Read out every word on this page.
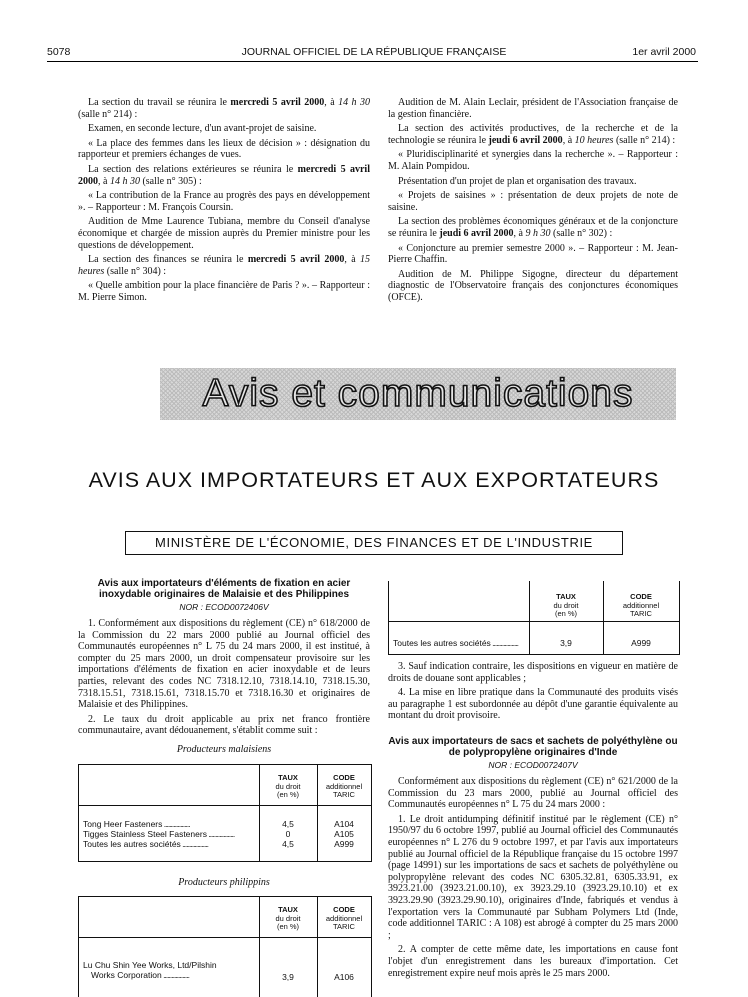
5078	JOURNAL OFFICIEL DE LA RÉPUBLIQUE FRANÇAISE	1er avril 2000

La section du travail se réunira le mercredi 5 avril 2000, à 14 h 30 (salle n° 214) :

Examen, en seconde lecture, d'un avant-projet de saisine.

« La place des femmes dans les lieux de décision » : désignation du rapporteur et premiers échanges de vues.

La section des relations extérieures se réunira le mercredi 5 avril 2000, à 14 h 30 (salle n° 305) :

« La contribution de la France au progrès des pays en développement ». – Rapporteur : M. François Coursin.

Audition de Mme Laurence Tubiana, membre du Conseil d'analyse économique et chargée de mission auprès du Premier ministre pour les questions de développement.

La section des finances se réunira le mercredi 5 avril 2000, à 15 heures (salle n° 304) :

« Quelle ambition pour la place financière de Paris ? ». – Rapporteur : M. Pierre Simon.

Audition de M. Alain Leclair, président de l'Association française de la gestion financière.

La section des activités productives, de la recherche et de la technologie se réunira le jeudi 6 avril 2000, à 10 heures (salle n° 214) :

« Pluridisciplinarité et synergies dans la recherche ». – Rapporteur : M. Alain Pompidou.

Présentation d'un projet de plan et organisation des travaux.

« Projets de saisines » : présentation de deux projets de note de saisine.

La section des problèmes économiques généraux et de la conjoncture se réunira le jeudi 6 avril 2000, à 9 h 30 (salle n° 302) :

« Conjoncture au premier semestre 2000 ». – Rapporteur : M. Jean-Pierre Chaffin.

Audition de M. Philippe Sigogne, directeur du département diagnostic de l'Observatoire français des conjonctures économiques (OFCE).

Avis et communications
AVIS AUX IMPORTATEURS ET AUX EXPORTATEURS
MINISTÈRE DE L'ÉCONOMIE, DES FINANCES ET DE L'INDUSTRIE
Avis aux importateurs d'éléments de fixation en acier inoxydable originaires de Malaisie et des Philippines
NOR : ECOD0072406V

1. Conformément aux dispositions du règlement (CE) n° 618/2000 de la Commission du 22 mars 2000 publié au Journal officiel des Communautés européennes n° L 75 du 24 mars 2000, il est institué, à compter du 25 mars 2000, un droit compensateur provisoire sur les importations d'éléments de fixation en acier inoxydable et de leurs parties, relevant des codes NC 7318.12.10, 7318.14.10, 7318.15.30, 7318.15.51, 7318.15.61, 7318.15.70 et 7318.16.30 et originaires de Malaisie et des Philippines.

2. Le taux du droit applicable au prix net franco frontière communautaire, avant dédouanement, s'établit comme suit :

Producteurs malaisiens
TAUX
du droit
(en %)
CODE
additionnel
TARIC
Tong Heer Fasteners .....	4,5	A104
Tigges Stainless Steel Fasteners .....	0	A105
Toutes les autres sociétés .....	4,5	A999
Producteurs philippins
TAUX
du droit
(en %)
CODE
additionnel
TARIC
Lu Chu Shin Yee Works, Ltd/Pilshin
Works Corporation .....	3,9	A106
TAUX
du droit
(en %)
CODE
additionnel
TARIC
Toutes les autres sociétés .....	3,9	A999

3. Sauf indication contraire, les dispositions en vigueur en matière de droits de douane sont applicables ;

4. La mise en libre pratique dans la Communauté des produits visés au paragraphe 1 est subordonnée au dépôt d'une garantie équivalente au montant du droit provisoire.

Avis aux importateurs de sacs et sachets de polyéthylène ou de polypropylène originaires d'Inde
NOR : ECOD0072407V

Conformément aux dispositions du règlement (CE) n° 621/2000 de la Commission du 23 mars 2000, publié au Journal officiel des Communautés européennes n° L 75 du 24 mars 2000 :

1. Le droit antidumping définitif institué par le règlement (CE) n° 1950/97 du 6 octobre 1997, publié au Journal officiel des Communautés européennes n° L 276 du 9 octobre 1997, et par l'avis aux importateurs publié au Journal officiel de la République française du 15 octobre 1997 (page 14991) sur les importations de sacs et sachets de polyéthylène ou polypropylène relevant des codes NC 6305.32.81, 6305.33.91, ex 3923.21.00 (3923.21.00.10), ex 3923.29.10 (3923.29.10.10) et ex 3923.29.90 (3923.29.90.10), originaires d'Inde, fabriqués et vendus à l'exportation vers la Communauté par Subham Polymers Ltd (Inde, code additionnel TARIC : A 108) est abrogé à compter du 25 mars 2000 ;

2. A compter de cette même date, les importations en cause font l'objet d'un enregistrement dans les bureaux d'importation. Cet enregistrement expire neuf mois après le 25 mars 2000.
